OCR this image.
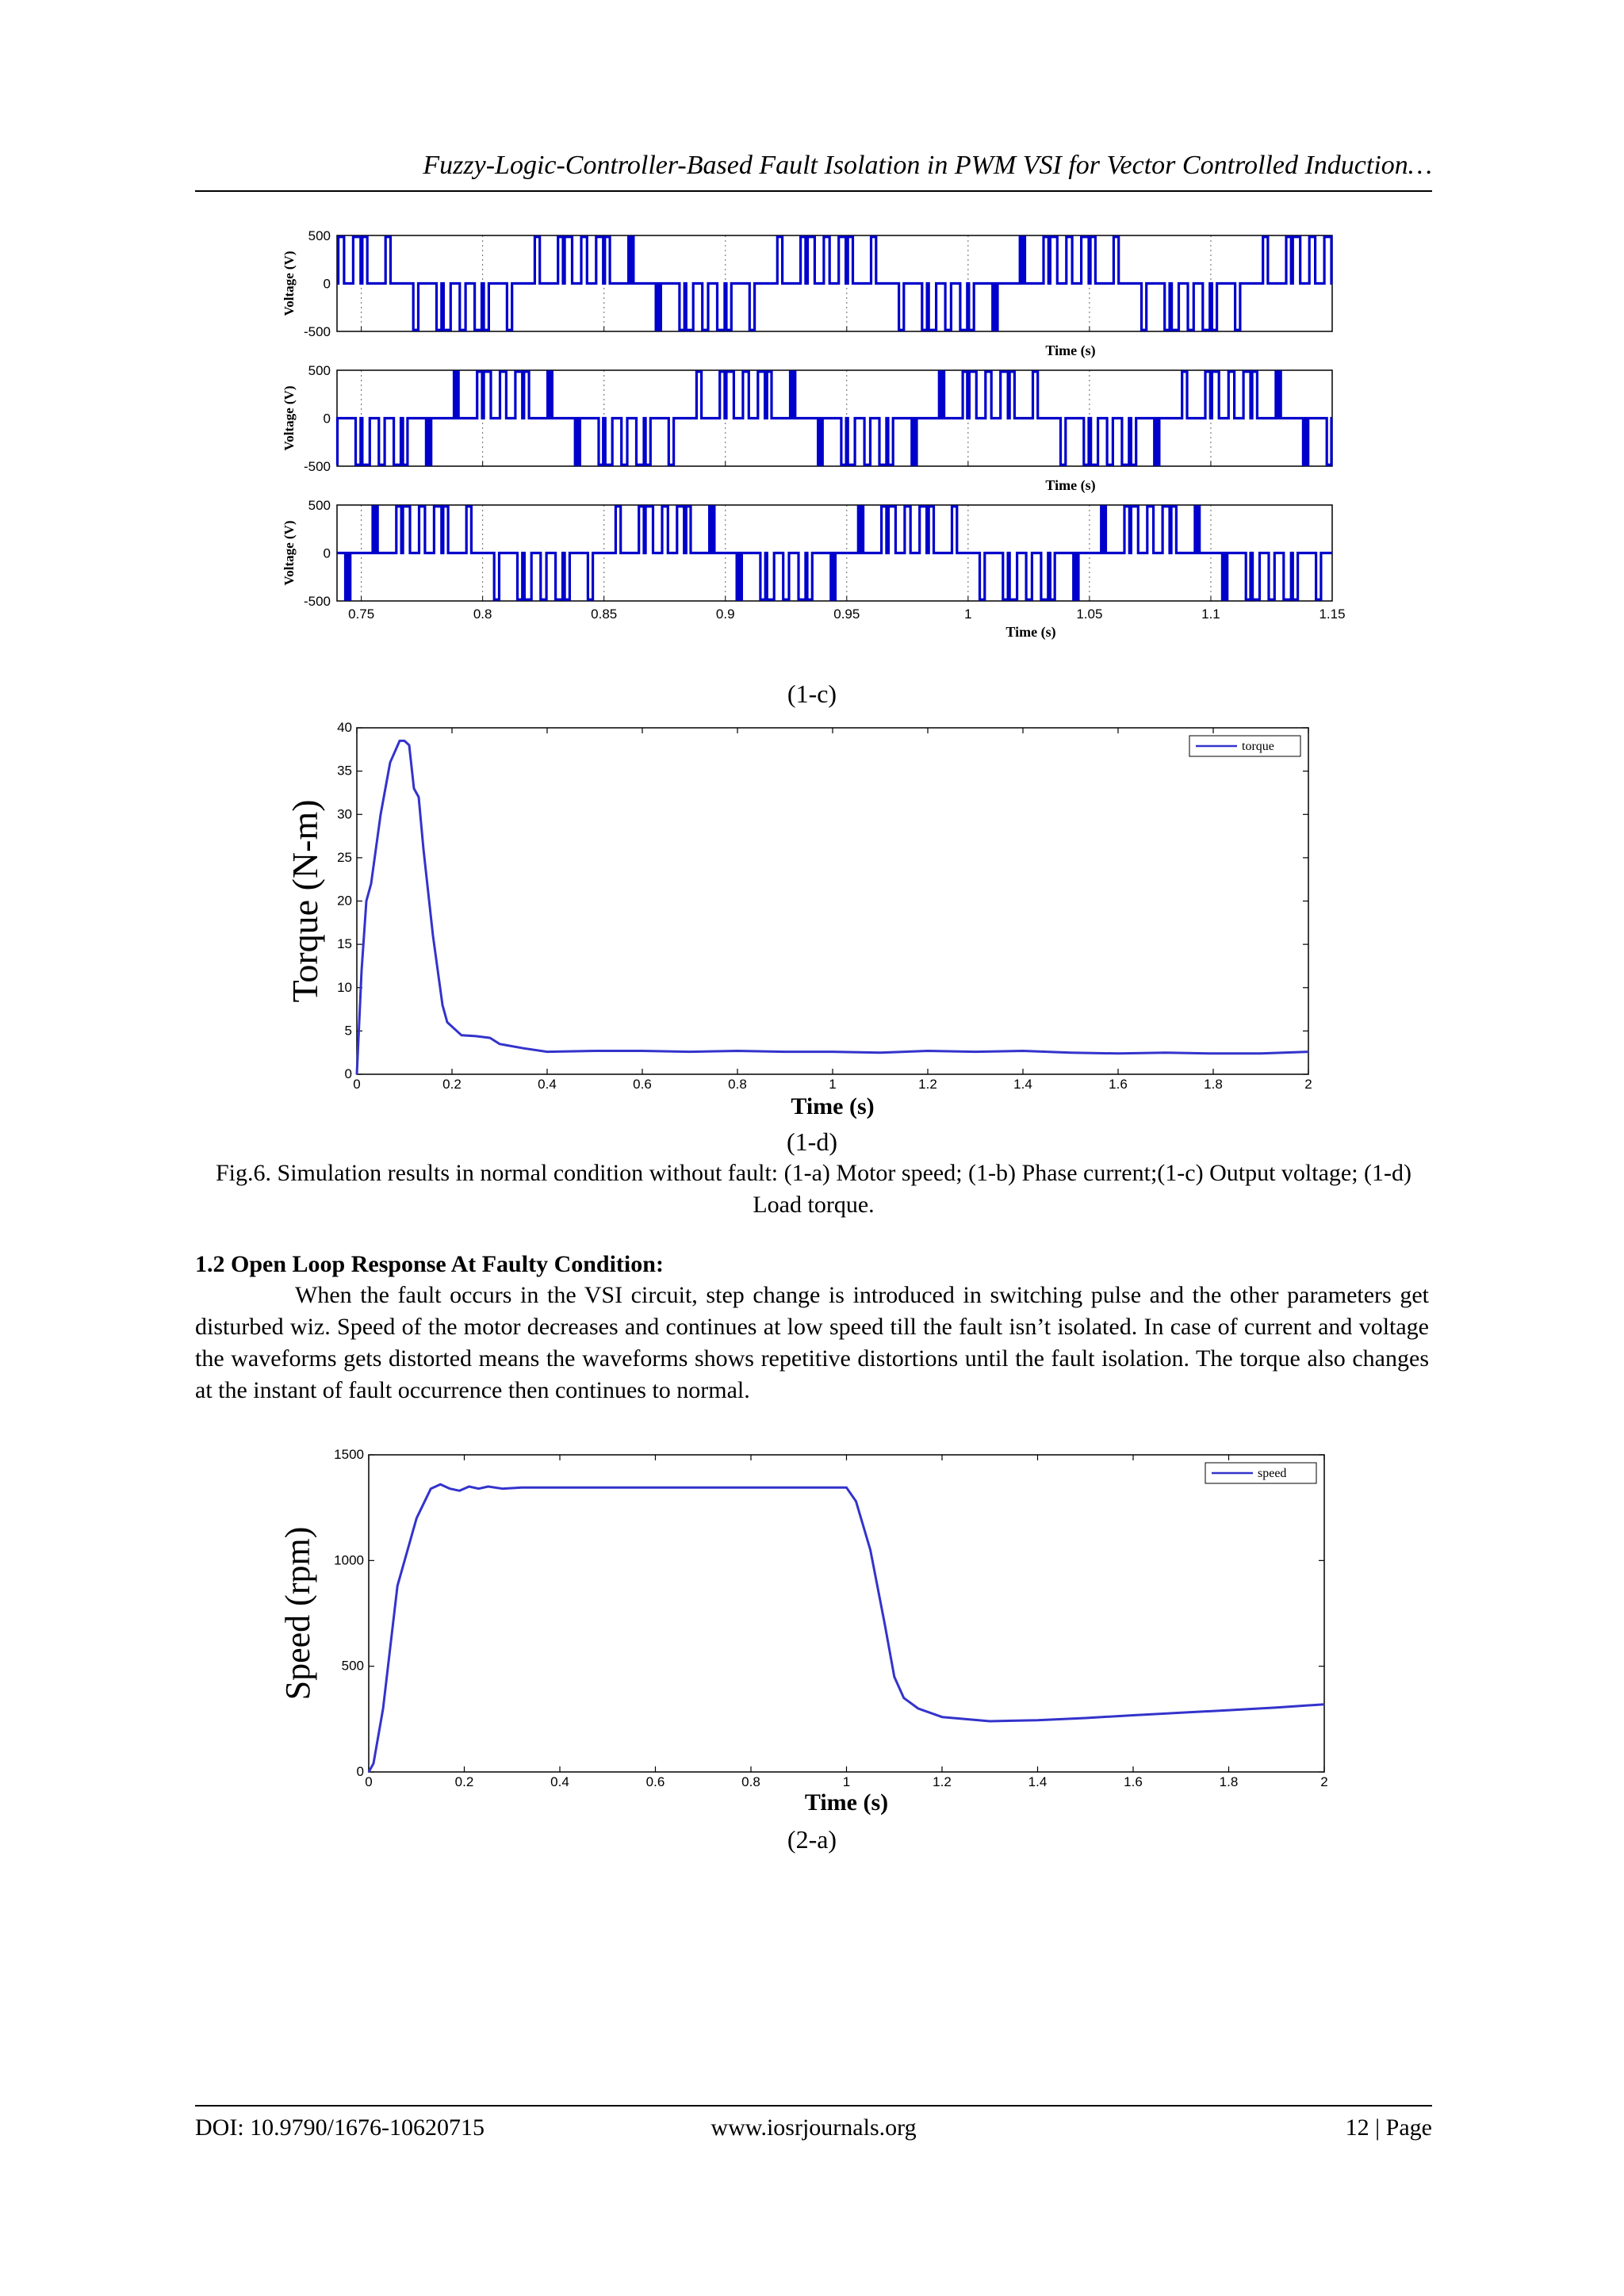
Fuzzy-Logic-Controller-Based Fault Isolation in PWM VSI for Vector Controlled Induction…
500
0
-500
Voltage (V)
Time (s)
500
0
-500
Voltage (V)
Time (s)
500
0
-500
Voltage (V)
0.75	0.8	0.85	0.9	0.95	1	1.05	1.1	1.15
Time (s)
(1-c)
0	0.2	0.4	0.6	0.8	1	1.2	1.4	1.6	1.8	2
0
5
10
15
20
25
30
35
40
Time (s)
Torque (N-m)
torque
(1-d)
Fig.6. Simulation results in normal condition without fault: (1-a) Motor speed; (1-b) Phase current;(1-c) Output voltage; (1-d) Load torque.
1.2 Open Loop Response At Faulty Condition:

When the fault occurs in the VSI circuit, step change is introduced in switching pulse and the other parameters get disturbed wiz. Speed of the motor decreases and continues at low speed till the fault isn’t isolated. In case of current and voltage the waveforms gets distorted means the waveforms shows repetitive distortions until the fault isolation. The torque also changes at the instant of fault occurrence then continues to normal.

0	0.2	0.4	0.6	0.8	1	1.2	1.4	1.6	1.8	2
0
500
1000
1500
Time (s)
Speed (rpm)
speed
(2-a)
DOI: 10.9790/1676-10620715	www.iosrjournals.org	12 | Page
